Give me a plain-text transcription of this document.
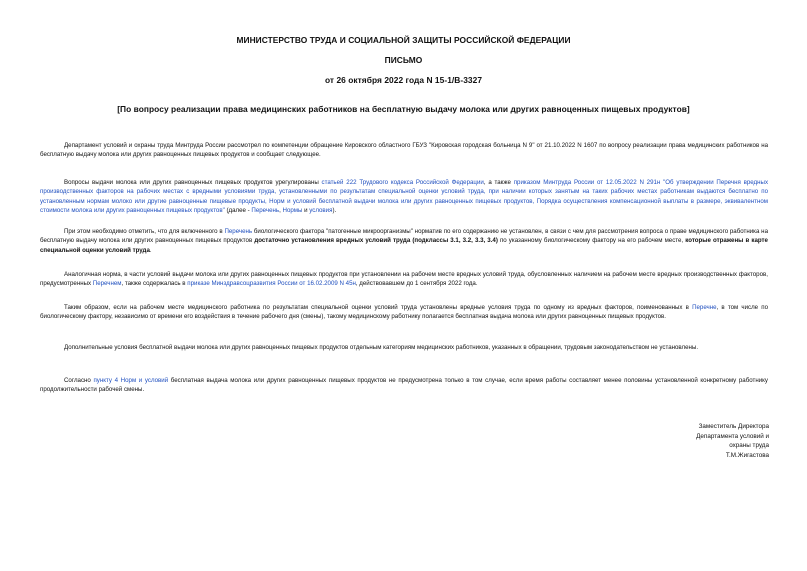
МИНИСТЕРСТВО ТРУДА И СОЦИАЛЬНОЙ ЗАЩИТЫ РОССИЙСКОЙ ФЕДЕРАЦИИ
ПИСЬМО
от 26 октября 2022 года N 15-1/В-3327
[По вопросу реализации права медицинских работников на бесплатную выдачу молока или других равноценных пищевых продуктов]

Департамент условий и охраны труда Минтруда России рассмотрел по компетенции обращение Кировского областного ГБУЗ "Кировская городская больница N 9" от 21.10.2022 N 1607 по вопросу реализации права медицинских работников на бесплатную выдачу молока или других равноценных пищевых продуктов и сообщает следующее.

Вопросы выдачи молока или других равноценных пищевых продуктов урегулированы статьей 222 Трудового кодекса Российской Федерации, а также приказом Минтруда России от 12.05.2022 N 291н "Об утверждении Перечня вредных производственных факторов на рабочих местах с вредными условиями труда, установленными по результатам специальной оценки условий труда, при наличии которых занятым на таких рабочих местах работникам выдаются бесплатно по установленным нормам молоко или другие равноценные пищевые продукты, Норм и условий бесплатной выдачи молока или других равноценных пищевых продуктов, Порядка осуществления компенсационной выплаты в размере, эквивалентном стоимости молока или других равноценных пищевых продуктов" (далее - Перечень, Нормы и условия).

При этом необходимо отметить, что для включенного в Перечень биологического фактора "патогенные микроорганизмы" норматив по его содержанию не установлен, в связи с чем для рассмотрения вопроса о праве медицинского работника на бесплатную выдачу молока или других равноценных пищевых продуктов достаточно установления вредных условий труда (подклассы 3.1, 3.2, 3.3, 3.4) по указанному биологическому фактору на его рабочем месте, которые отражены в карте специальной оценки условий труда.

Аналогичная норма, в части условий выдачи молока или других равноценных пищевых продуктов при установлении на рабочем месте вредных условий труда, обусловленных наличием на рабочем месте вредных производственных факторов, предусмотренных Перечнем, также содержалась в приказе Минздравсоцразвития России от 16.02.2009 N 45н, действовавшем до 1 сентября 2022 года.

Таким образом, если на рабочем месте медицинского работника по результатам специальной оценки условий труда установлены вредные условия труда по одному из вредных факторов, поименованных в Перечне, в том числе по биологическому фактору, независимо от времени его воздействия в течение рабочего дня (смены), такому медицинскому работнику полагается бесплатная выдача молока или других равноценных пищевых продуктов.

Дополнительные условия бесплатной выдачи молока или других равноценных пищевых продуктов отдельным категориям медицинских работников, указанных в обращении, трудовым законодательством не установлены.

Согласно пункту 4 Норм и условий бесплатная выдача молока или других равноценных пищевых продуктов не предусмотрена только в том случае, если время работы составляет менее половины установленной конкретному работнику продолжительности рабочей смены.

Заместитель Директора
Департамента условий и
охраны труда
Т.М.Жигастова
